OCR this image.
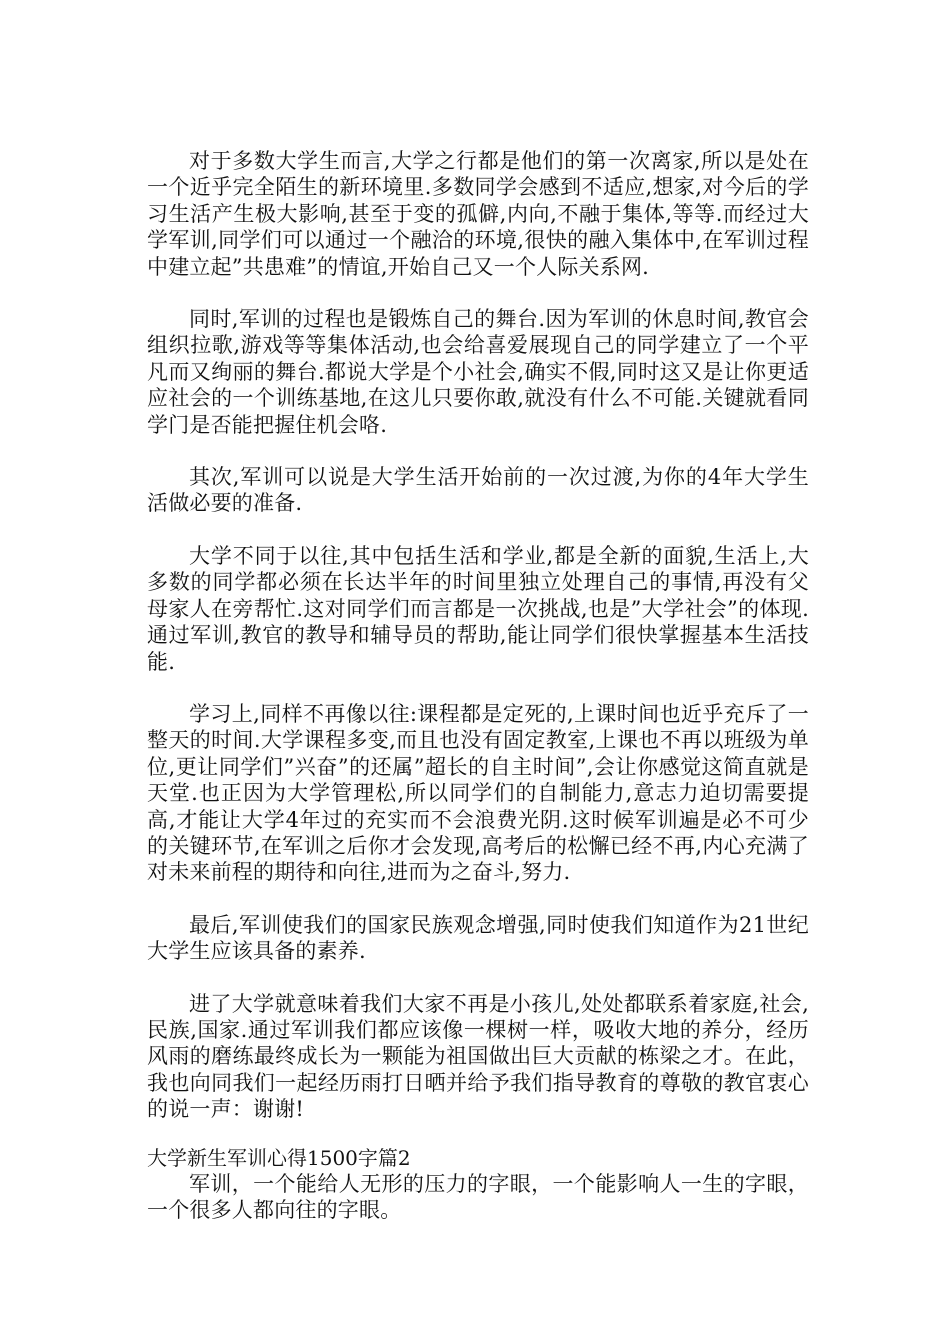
对于多数大学生而言,大学之行都是他们的第一次离家,所以是处在一个近乎完全陌生的新环境里.多数同学会感到不适应,想家,对今后的学习生活产生极大影响,甚至于变的孤僻,内向,不融于集体,等等.而经过大学军训,同学们可以通过一个融洽的环境,很快的融入集体中,在军训过程中建立起”共患难”的情谊,开始自己又一个人际关系网.

同时,军训的过程也是锻炼自己的舞台.因为军训的休息时间,教官会组织拉歌,游戏等等集体活动,也会给喜爱展现自己的同学建立了一个平凡而又绚丽的舞台.都说大学是个小社会,确实不假,同时这又是让你更适应社会的一个训练基地,在这儿只要你敢,就没有什么不可能.关键就看同学门是否能把握住机会咯.

其次,军训可以说是大学生活开始前的一次过渡,为你的4年大学生活做必要的准备.

大学不同于以往,其中包括生活和学业,都是全新的面貌,生活上,大多数的同学都必须在长达半年的时间里独立处理自己的事情,再没有父母家人在旁帮忙.这对同学们而言都是一次挑战,也是”大学社会”的体现.通过军训,教官的教导和辅导员的帮助,能让同学们很快掌握基本生活技能.

学习上,同样不再像以往:课程都是定死的,上课时间也近乎充斥了一整天的时间.大学课程多变,而且也没有固定教室,上课也不再以班级为单位,更让同学们”兴奋”的还属”超长的自主时间”,会让你感觉这简直就是天堂.也正因为大学管理松,所以同学们的自制能力,意志力迫切需要提高,才能让大学4年过的充实而不会浪费光阴.这时候军训遍是必不可少的关键环节,在军训之后你才会发现,高考后的松懈已经不再,内心充满了对未来前程的期待和向往,进而为之奋斗,努力.

最后,军训使我们的国家民族观念增强,同时使我们知道作为21世纪大学生应该具备的素养.

进了大学就意味着我们大家不再是小孩儿,处处都联系着家庭,社会,民族,国家.通过军训我们都应该像一棵树一样，吸收大地的养分，经历风雨的磨练最终成长为一颗能为祖国做出巨大贡献的栋梁之才。在此，我也向同我们一起经历雨打日晒并给予我们指导教育的尊敬的教官衷心的说一声：谢谢!

大学新生军训心得1500字篇2

军训，一个能给人无形的压力的字眼，一个能影响人一生的字眼，一个很多人都向往的字眼。
